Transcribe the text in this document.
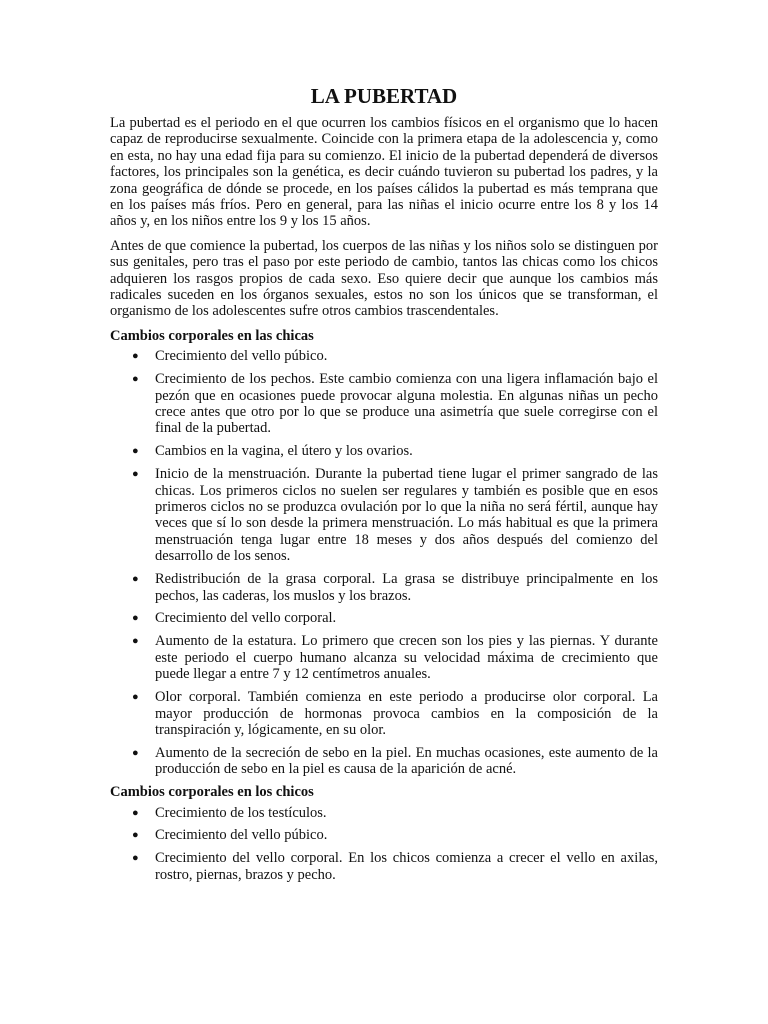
LA PUBERTAD

La pubertad es el periodo en el que ocurren los cambios físicos en el organismo que lo hacen capaz de reproducirse sexualmente. Coincide con la primera etapa de la adolescencia y, como en esta, no hay una edad fija para su comienzo. El inicio de la pubertad dependerá de diversos factores, los principales son la genética, es decir cuándo tuvieron su pubertad los padres, y la zona geográfica de dónde se procede, en los países cálidos la pubertad es más temprana que en los países más fríos. Pero en general, para las niñas el inicio ocurre entre los 8 y los 14 años y, en los niños entre los 9 y los 15 años.

Antes de que comience la pubertad, los cuerpos de las niñas y los niños solo se distinguen por sus genitales, pero tras el paso por este periodo de cambio, tantos las chicas como los chicos adquieren los rasgos propios de cada sexo. Eso quiere decir que aunque los cambios más radicales suceden en los órganos sexuales, estos no son los únicos que se transforman, el organismo de los adolescentes sufre otros cambios trascendentales.

Cambios corporales en las chicas
● Crecimiento del vello púbico.
● Crecimiento de los pechos. Este cambio comienza con una ligera inflamación bajo el pezón que en ocasiones puede provocar alguna molestia. En algunas niñas un pecho crece antes que otro por lo que se produce una asimetría que suele corregirse con el final de la pubertad.
● Cambios en la vagina, el útero y los ovarios.
● Inicio de la menstruación. Durante la pubertad tiene lugar el primer sangrado de las chicas. Los primeros ciclos no suelen ser regulares y también es posible que en esos primeros ciclos no se produzca ovulación por lo que la niña no será fértil, aunque hay veces que sí lo son desde la primera menstruación. Lo más habitual es que la primera menstruación tenga lugar entre 18 meses y dos años después del comienzo del desarrollo de los senos.
● Redistribución de la grasa corporal. La grasa se distribuye principalmente en los pechos, las caderas, los muslos y los brazos.
● Crecimiento del vello corporal.
● Aumento de la estatura. Lo primero que crecen son los pies y las piernas. Y durante este periodo el cuerpo humano alcanza su velocidad máxima de crecimiento que puede llegar a entre 7 y 12 centímetros anuales.
● Olor corporal. También comienza en este periodo a producirse olor corporal. La mayor producción de hormonas provoca cambios en la composición de la transpiración y, lógicamente, en su olor.
● Aumento de la secreción de sebo en la piel. En muchas ocasiones, este aumento de la producción de sebo en la piel es causa de la aparición de acné.
Cambios corporales en los chicos
● Crecimiento de los testículos.
● Crecimiento del vello púbico.
● Crecimiento del vello corporal. En los chicos comienza a crecer el vello en axilas, rostro, piernas, brazos y pecho.
